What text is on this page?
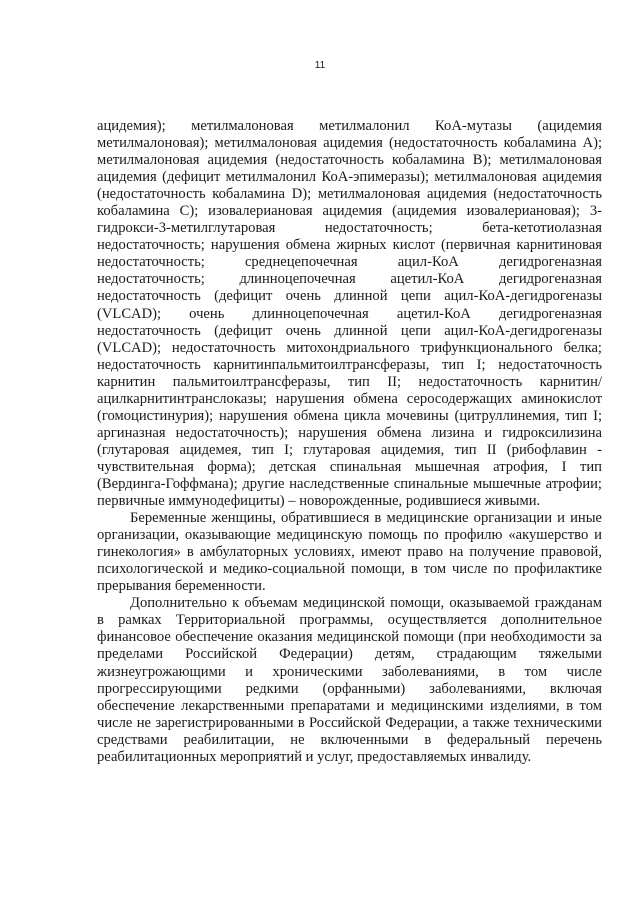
11

ацидемия); метилмалоновая метилмалонил КоА-мутазы (ацидемия метилмалоновая); метилмалоновая ацидемия (недостаточность кобаламина А); метилмалоновая ацидемия (недостаточность кобаламина В); метилмалоновая ацидемия (дефицит метилмалонил КоА-эпимеразы); метилмалоновая ацидемия (недостаточность кобаламина D); метилмалоновая ацидемия (недостаточность кобаламина С); изовалериановая ацидемия (ацидемия изовалериановая); 3-гидрокси-3-метилглутаровая недостаточность; бета-кетотиолазная недостаточность; нарушения обмена жирных кислот (первичная карнитиновая недостаточность; среднецепочечная ацил-КоА дегидрогеназная недостаточность; длинноцепочечная ацетил-КоА дегидрогеназная недостаточность (дефицит очень длинной цепи ацил-КоА-дегидрогеназы (VLCAD); очень длинноцепочечная ацетил-КоА дегидрогеназная недостаточность (дефицит очень длинной цепи ацил-КоА-дегидрогеназы (VLCAD); недостаточность митохондриального трифункционального белка; недостаточность карнитинпальмитоилтрансферазы, тип I; недостаточность карнитин пальмитоилтрансферазы, тип II; недостаточность карнитин/ацилкарнитинтранслоказы; нарушения обмена серосодержащих аминокислот (гомоцистинурия); нарушения обмена цикла мочевины (цитруллинемия, тип I; аргиназная недостаточность); нарушения обмена лизина и гидроксилизина (глутаровая ацидемея, тип I; глутаровая ацидемия, тип II (рибофлавин - чувствительная форма); детская спинальная мышечная атрофия, I тип (Вердинга-Гоффмана); другие наследственные спинальные мышечные атрофии; первичные иммунодефициты) – новорожденные, родившиеся живыми.

Беременные женщины, обратившиеся в медицинские организации и иные организации, оказывающие медицинскую помощь по профилю «акушерство и гинекология» в амбулаторных условиях, имеют право на получение правовой, психологической и медико-социальной помощи, в том числе по профилактике прерывания беременности.

Дополнительно к объемам медицинской помощи, оказываемой гражданам в рамках Территориальной программы, осуществляется дополнительное финансовое обеспечение оказания медицинской помощи (при необходимости за пределами Российской Федерации) детям, страдающим тяжелыми жизнеугрожающими и хроническими заболеваниями, в том числе прогрессирующими редкими (орфанными) заболеваниями, включая обеспечение лекарственными препаратами и медицинскими изделиями, в том числе не зарегистрированными в Российской Федерации, а также техническими средствами реабилитации, не включенными в федеральный перечень реабилитационных мероприятий и услуг, предоставляемых инвалиду.
